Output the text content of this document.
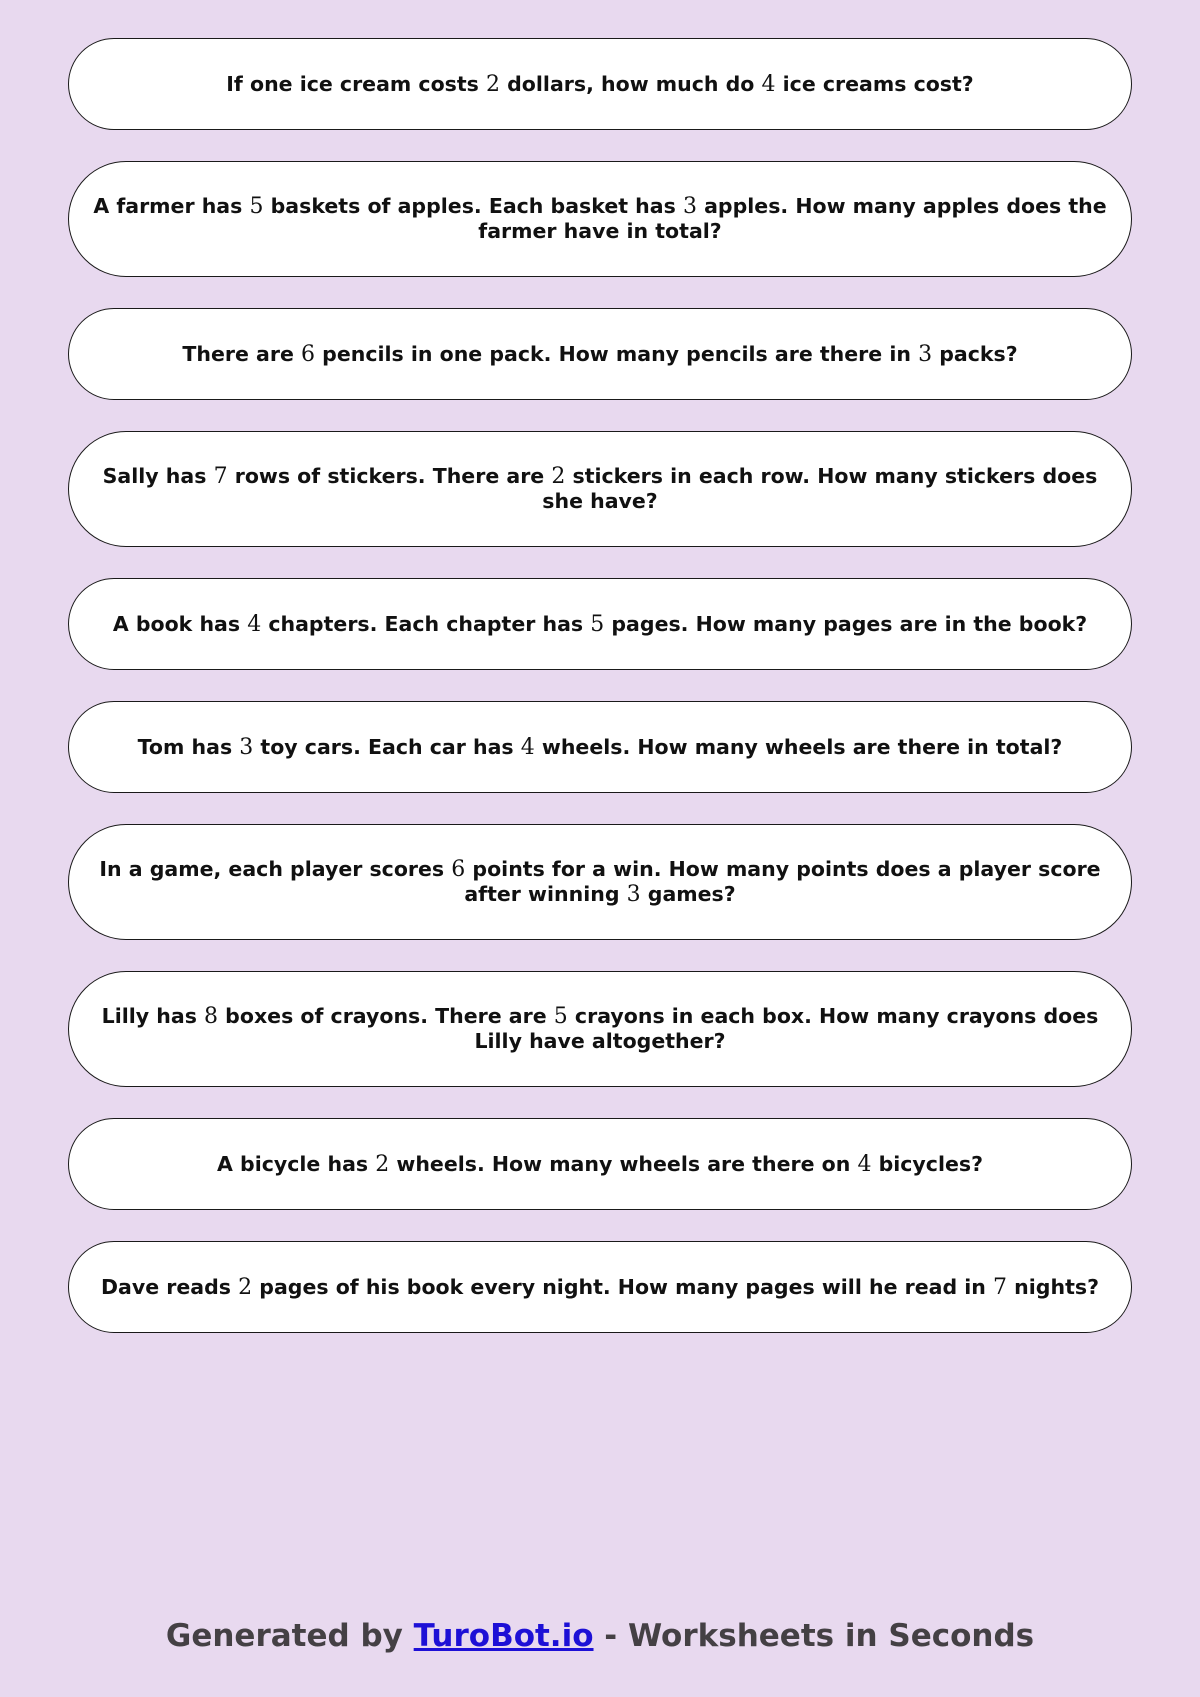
If one ice cream costs 2 dollars, how much do 4 ice creams cost?
A farmer has 5 baskets of apples. Each basket has 3 apples. How many apples does the farmer have in total?
There are 6 pencils in one pack. How many pencils are there in 3 packs?
Sally has 7 rows of stickers. There are 2 stickers in each row. How many stickers does she have?
A book has 4 chapters. Each chapter has 5 pages. How many pages are in the book?
Tom has 3 toy cars. Each car has 4 wheels. How many wheels are there in total?
In a game, each player scores 6 points for a win. How many points does a player score after winning 3 games?
Lilly has 8 boxes of crayons. There are 5 crayons in each box. How many crayons does Lilly have altogether?
A bicycle has 2 wheels. How many wheels are there on 4 bicycles?
Dave reads 2 pages of his book every night. How many pages will he read in 7 nights?
Generated by TuroBot.io - Worksheets in Seconds
